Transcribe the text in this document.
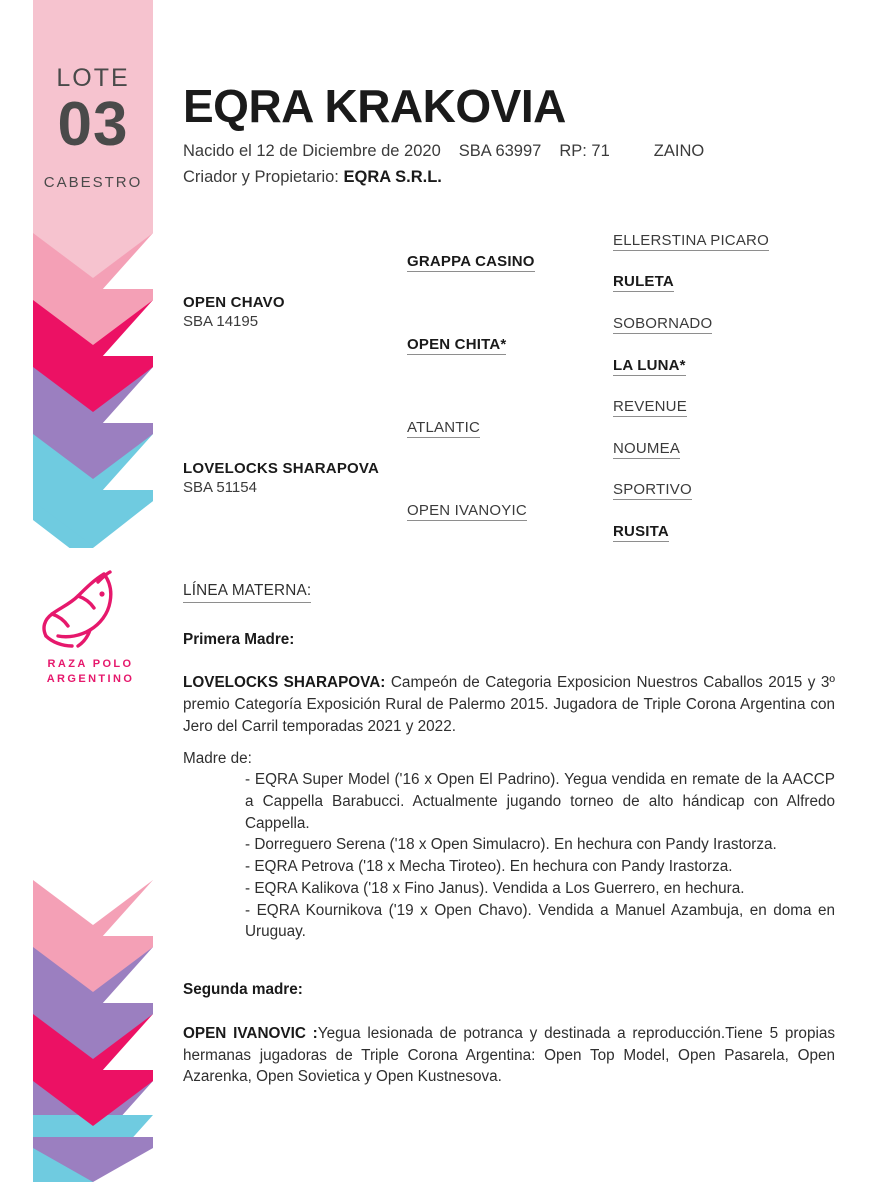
LOTE
03
CABESTRO
RAZA POLO
ARGENTINO
EQRA KRAKOVIA
Nacido el 12 de Diciembre de 2020 SBA 63997 RP: 71	ZAINO
Criador y Propietario: EQRA S.R.L.
OPEN CHAVO
SBA 14195
LOVELOCKS SHARAPOVA
SBA 51154
GRAPPA CASINO
OPEN CHITA*
ATLANTIC
OPEN IVANOYIC
ELLERSTINA PICARO
RULETA
SOBORNADO
LA LUNA*
REVENUE
NOUMEA
SPORTIVO
RUSITA
LÍNEA MATERNA:
Primera Madre:
LOVELOCKS SHARAPOVA: Campeón de Categoria Exposicion Nuestros Caballos 2015 y 3º premio Categoría Exposición Rural de Palermo 2015. Jugadora de Triple Corona Argentina con Jero del Carril temporadas 2021 y 2022.
Madre de:
- EQRA Super Model ('16 x Open El Padrino). Yegua vendida en remate de la AACCP a Cappella Barabucci. Actualmente jugando torneo de alto hándicap con Alfredo Cappella.
- Dorreguero Serena ('18 x Open Simulacro). En hechura con Pandy Irastorza.
- EQRA Petrova ('18 x Mecha Tiroteo). En hechura con Pandy Irastorza.
- EQRA Kalikova ('18 x Fino Janus). Vendida a Los Guerrero, en hechura.
- EQRA Kournikova ('19 x Open Chavo). Vendida a Manuel Azambuja, en doma en Uruguay.
Segunda madre:
OPEN IVANOVIC :Yegua lesionada de potranca y destinada a reproducción.Tiene 5 propias hermanas jugadoras de Triple Corona Argentina: Open Top Model, Open Pasarela, Open Azarenka, Open Sovietica y Open Kustnesova.
